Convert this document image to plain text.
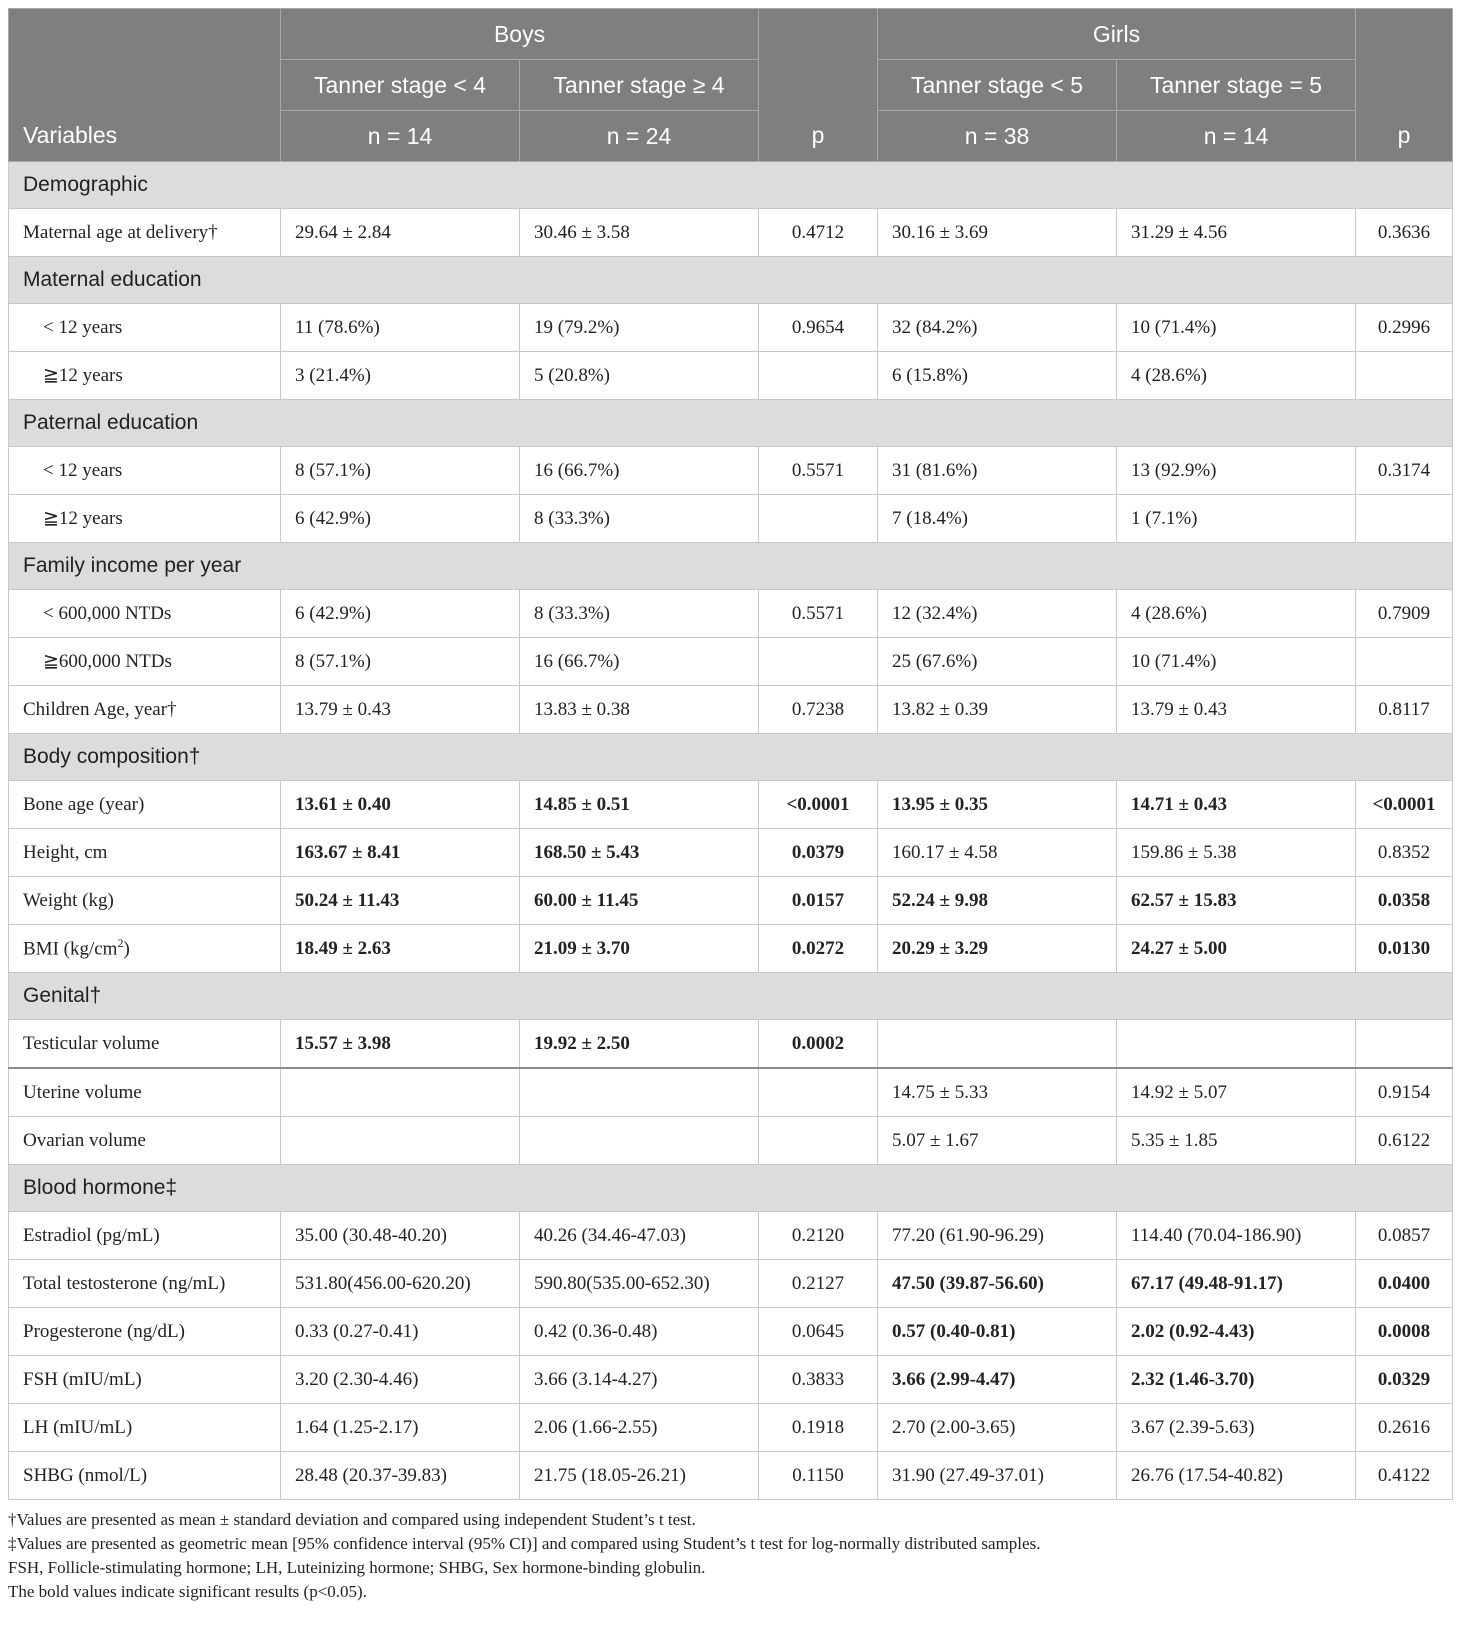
Variables	Boys		p	Girls		p
	Tanner stage < 4	Tanner stage ≥ 4		Tanner stage < 5	Tanner stage = 5	
	n = 14	n = 24		n = 38	n = 14	
Demographic						
Maternal age at delivery†	29.64 ± 2.84	30.46 ± 3.58	0.4712	30.16 ± 3.69	31.29 ± 4.56	0.3636
Maternal education						
< 12 years	11 (78.6%)	19 (79.2%)	0.9654	32 (84.2%)	10 (71.4%)	0.2996
≧12 years	3 (21.4%)	5 (20.8%)		6 (15.8%)	4 (28.6%)	
Paternal education						
< 12 years	8 (57.1%)	16 (66.7%)	0.5571	31 (81.6%)	13 (92.9%)	0.3174
≧12 years	6 (42.9%)	8 (33.3%)		7 (18.4%)	1 (7.1%)	
Family income per year						
< 600,000 NTDs	6 (42.9%)	8 (33.3%)	0.5571	12 (32.4%)	4 (28.6%)	0.7909
≧600,000 NTDs	8 (57.1%)	16 (66.7%)		25 (67.6%)	10 (71.4%)	
Children Age, year†	13.79 ± 0.43	13.83 ± 0.38	0.7238	13.82 ± 0.39	13.79 ± 0.43	0.8117
Body composition†						
Bone age (year)	13.61 ± 0.40	14.85 ± 0.51	<0.0001	13.95 ± 0.35	14.71 ± 0.43	<0.0001
Height, cm	163.67 ± 8.41	168.50 ± 5.43	0.0379	160.17 ± 4.58	159.86 ± 5.38	0.8352
Weight (kg)	50.24 ± 11.43	60.00 ± 11.45	0.0157	52.24 ± 9.98	62.57 ± 15.83	0.0358
BMI $(kg/cm^2)$	18.49 ± 2.63	21.09 ± 3.70	0.0272	20.29 ± 3.29	24.27 ± 5.00	0.0130
Genital†						
Testicular volume	15.57 ± 3.98	19.92 ± 2.50	0.0002			
Uterine volume				14.75 ± 5.33	14.92 ± 5.07	0.9154
Ovarian volume				5.07 ± 1.67	5.35 ± 1.85	0.6122
Blood hormone‡						
Estradiol (pg/mL)	35.00 (30.48-40.20)	40.26 (34.46-47.03)	0.2120	77.20 (61.90-96.29)	114.40 (70.04-186.90)	0.0857
Total testosterone (ng/mL)	531.80(456.00-620.20)	590.80(535.00-652.30)	0.2127	47.50 (39.87-56.60)	67.17 (49.48-91.17)	0.0400
Progesterone (ng/dL)	0.33 (0.27-0.41)	0.42 (0.36-0.48)	0.0645	0.57 (0.40-0.81)	2.02 (0.92-4.43)	0.0008
FSH (mIU/mL)	3.20 (2.30-4.46)	3.66 (3.14-4.27)	0.3833	3.66 (2.99-4.47)	2.32 (1.46-3.70)	0.0329
LH (mIU/mL)	1.64 (1.25-2.17)	2.06 (1.66-2.55)	0.1918	2.70 (2.00-3.65)	3.67 (2.39-5.63)	0.2616
SHBG (nmol/L)	28.48 (20.37-39.83)	21.75 (18.05-26.21)	0.1150	31.90 (27.49-37.01)	26.76 (17.54-40.82)	0.4122
†Values are presented as mean ± standard deviation and compared using independent Student’s t test.
‡Values are presented as geometric mean [95% confidence interval (95% CI)] and compared using Student’s t test for log-normally distributed samples.
FSH, Follicle-stimulating hormone; LH, Luteinizing hormone; SHBG, Sex hormone-binding globulin.
The bold values indicate significant results (p<0.05).
